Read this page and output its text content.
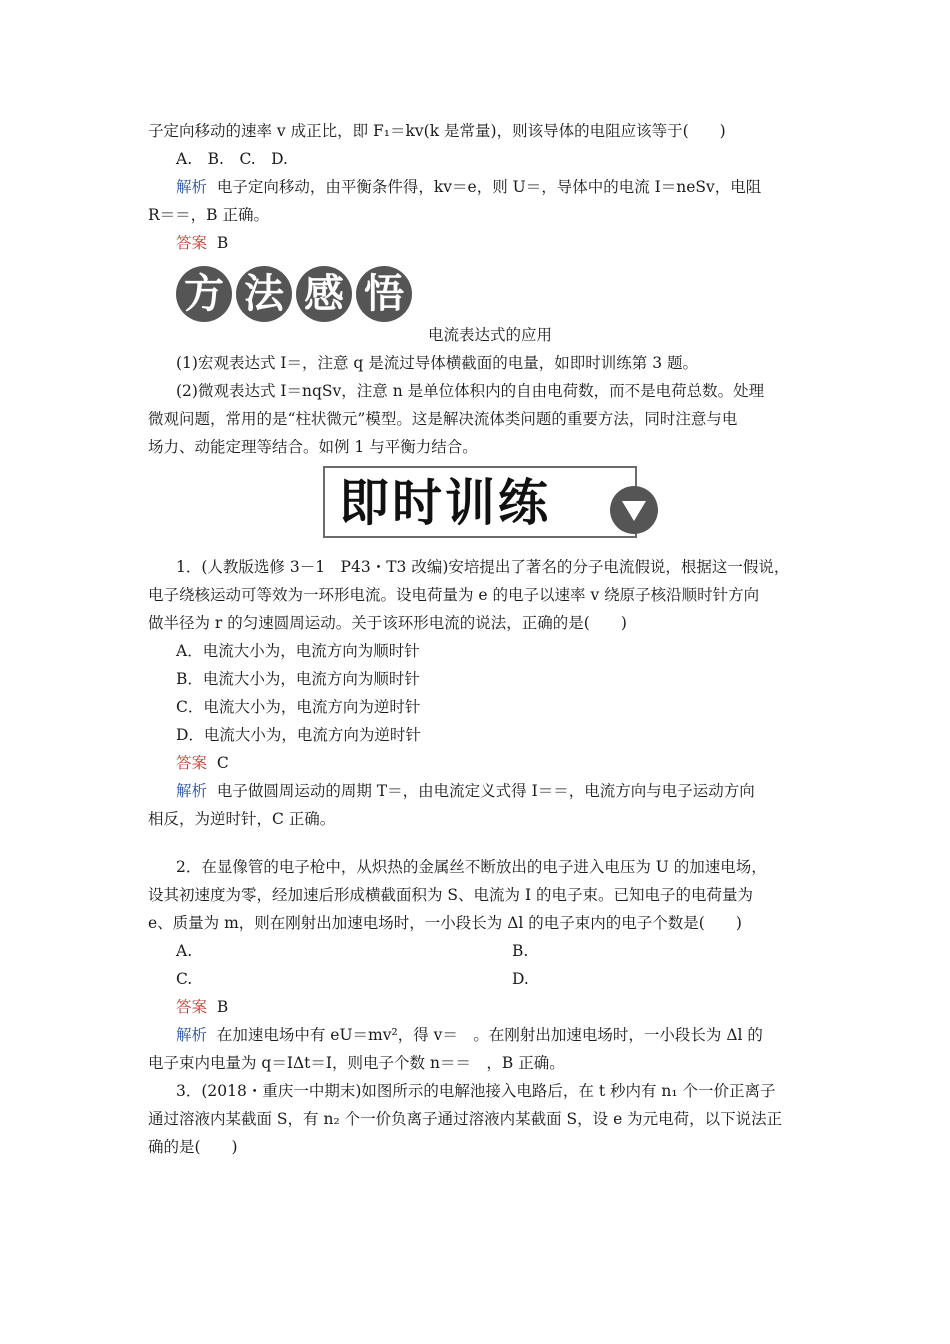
子定向移动的速率 v 成正比，即 F₁＝kv(k 是常量)，则该导体的电阻应该等于(　　)
A.　B.　C.　D.
解析 电子定向移动，由平衡条件得，kv＝e，则 U＝，导体中的电流 I＝neSv，电阻
R＝＝，B 正确。
答案 B
方 法 感 悟
电流表达式的应用
(1)宏观表达式 I＝，注意 q 是流过导体横截面的电量，如即时训练第 3 题。
(2)微观表达式 I＝nqSv，注意 n 是单位体积内的自由电荷数，而不是电荷总数。处理
微观问题，常用的是“柱状微元”模型。这是解决流体类问题的重要方法，同时注意与电
场力、动能定理等结合。如例 1 与平衡力结合。
即时训练
1．(人教版选修 3－1　P43・T3 改编)安培提出了著名的分子电流假说，根据这一假说，
电子绕核运动可等效为一环形电流。设电荷量为 e 的电子以速率 v 绕原子核沿顺时针方向
做半径为 r 的匀速圆周运动。关于该环形电流的说法，正确的是(　　)
A．电流大小为，电流方向为顺时针
B．电流大小为，电流方向为顺时针
C．电流大小为，电流方向为逆时针
D．电流大小为，电流方向为逆时针
答案 C
解析 电子做圆周运动的周期 T＝，由电流定义式得 I＝＝，电流方向与电子运动方向
相反，为逆时针，C 正确。
2．在显像管的电子枪中，从炽热的金属丝不断放出的电子进入电压为 U 的加速电场，
设其初速度为零，经加速后形成横截面积为 S、电流为 I 的电子束。已知电子的电荷量为
e、质量为 m，则在刚射出加速电场时，一小段长为 Δl 的电子束内的电子个数是(　　)
A.	B.
C.	D.
答案 B
解析 在加速电场中有 eU＝mv²，得 v＝　。在刚射出加速电场时，一小段长为 Δl 的
电子束内电量为 q＝IΔt＝I，则电子个数 n＝＝　，B 正确。
3．(2018・重庆一中期末)如图所示的电解池接入电路后，在 t 秒内有 n₁ 个一价正离子
通过溶液内某截面 S，有 n₂ 个一价负离子通过溶液内某截面 S，设 e 为元电荷，以下说法正
确的是(　　)
